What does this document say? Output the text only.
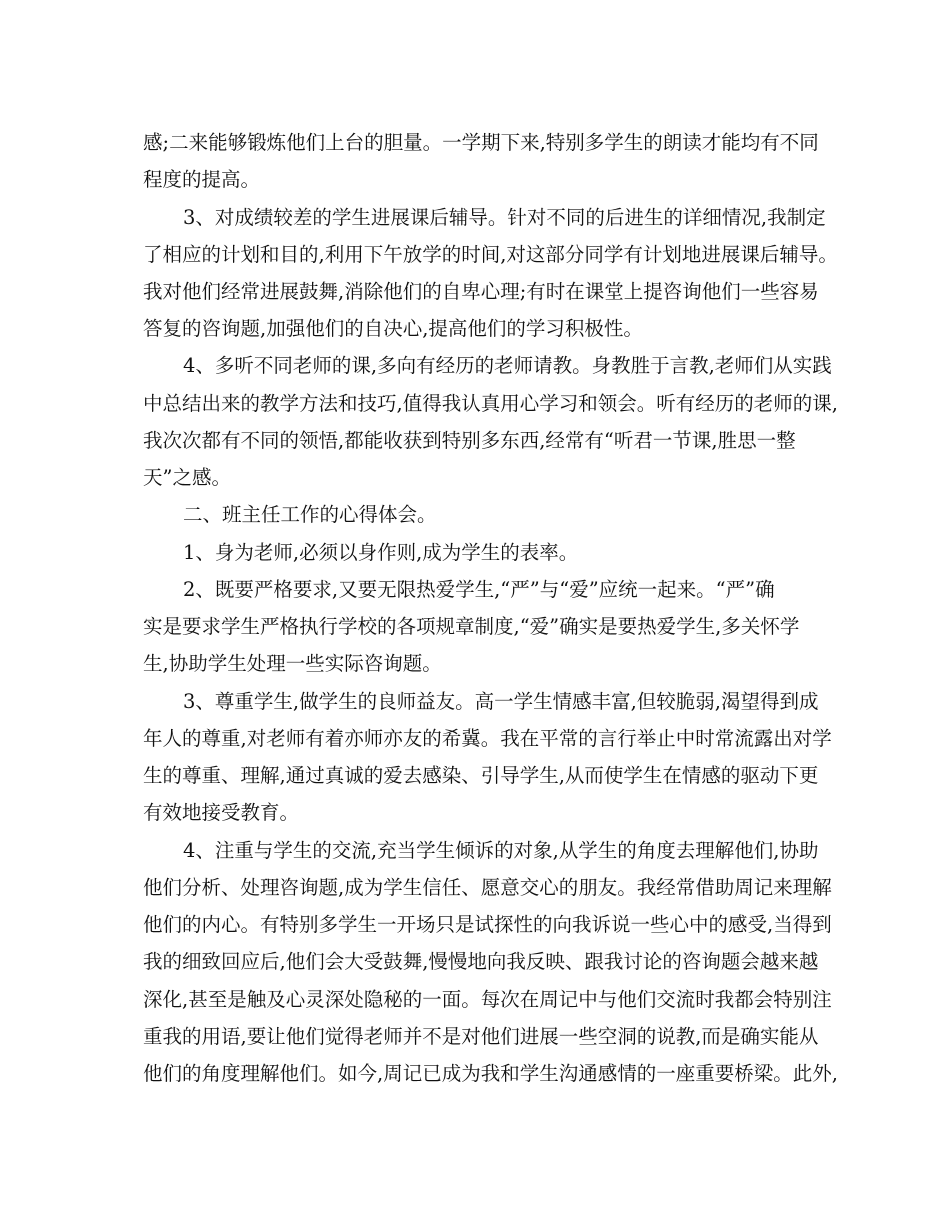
感;二来能够锻炼他们上台的胆量。一学期下来,特别多学生的朗读才能均有不同
程度的提高。
3、对成绩较差的学生进展课后辅导。针对不同的后进生的详细情况,我制定
了相应的计划和目的,利用下午放学的时间,对这部分同学有计划地进展课后辅导。
我对他们经常进展鼓舞,消除他们的自卑心理;有时在课堂上提咨询他们一些容易
答复的咨询题,加强他们的自决心,提高他们的学习积极性。
4、多听不同老师的课,多向有经历的老师请教。身教胜于言教,老师们从实践
中总结出来的教学方法和技巧,值得我认真用心学习和领会。听有经历的老师的课,
我次次都有不同的领悟,都能收获到特别多东西,经常有“听君一节课,胜思一整
天”之感。
二、班主任工作的心得体会。
1、身为老师,必须以身作则,成为学生的表率。
2、既要严格要求,又要无限热爱学生,“严”与“爱”应统一起来。“严”确
实是要求学生严格执行学校的各项规章制度,“爱”确实是要热爱学生,多关怀学
生,协助学生处理一些实际咨询题。
3、尊重学生,做学生的良师益友。高一学生情感丰富,但较脆弱,渴望得到成
年人的尊重,对老师有着亦师亦友的希冀。我在平常的言行举止中时常流露出对学
生的尊重、理解,通过真诚的爱去感染、引导学生,从而使学生在情感的驱动下更
有效地接受教育。
4、注重与学生的交流,充当学生倾诉的对象,从学生的角度去理解他们,协助
他们分析、处理咨询题,成为学生信任、愿意交心的朋友。我经常借助周记来理解
他们的内心。有特别多学生一开场只是试探性的向我诉说一些心中的感受,当得到
我的细致回应后,他们会大受鼓舞,慢慢地向我反映、跟我讨论的咨询题会越来越
深化,甚至是触及心灵深处隐秘的一面。每次在周记中与他们交流时我都会特别注
重我的用语,要让他们觉得老师并不是对他们进展一些空洞的说教,而是确实能从
他们的角度理解他们。如今,周记已成为我和学生沟通感情的一座重要桥梁。此外,
